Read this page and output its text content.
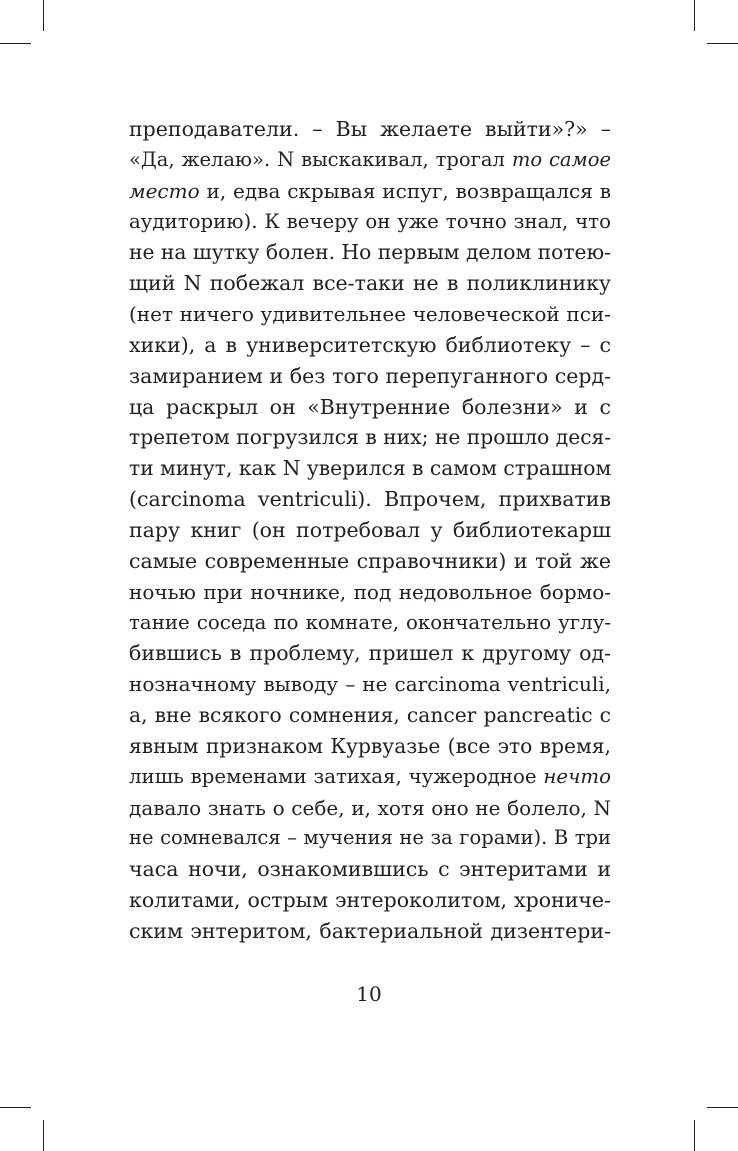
преподаватели. – Вы желаете выйти»?» –
«Да, желаю». N выскакивал, трогал то самое
место и, едва скрывая испуг, возвращался в
аудиторию). К вечеру он уже точно знал, что
не на шутку болен. Но первым делом потею-
щий N побежал все-таки не в поликлинику
(нет ничего удивительнее человеческой пси-
хики), а в университетскую библиотеку – с
замиранием и без того перепуганного серд-
ца раскрыл он «Внутренние болезни» и с
трепетом погрузился в них; не прошло деся-
ти минут, как N уверился в самом страшном
(carcinoma ventriculi). Впрочем, прихватив
пару книг (он потребовал у библиотекарш
самые современные справочники) и той же
ночью при ночнике, под недовольное бормо-
тание соседа по комнате, окончательно углу-
бившись в проблему, пришел к другому од-
нозначному выводу – не carcinoma ventriculi,
а, вне всякого сомнения, cancer pancreatic с
явным признаком Курвуазье (все это время,
лишь временами затихая, чужеродное нечто
давало знать о себе, и, хотя оно не болело, N
не сомневался – мучения не за горами). В три
часа ночи, ознакомившись с энтеритами и
колитами, острым энтероколитом, хрониче-
ским энтеритом, бактериальной дизентери-
10
